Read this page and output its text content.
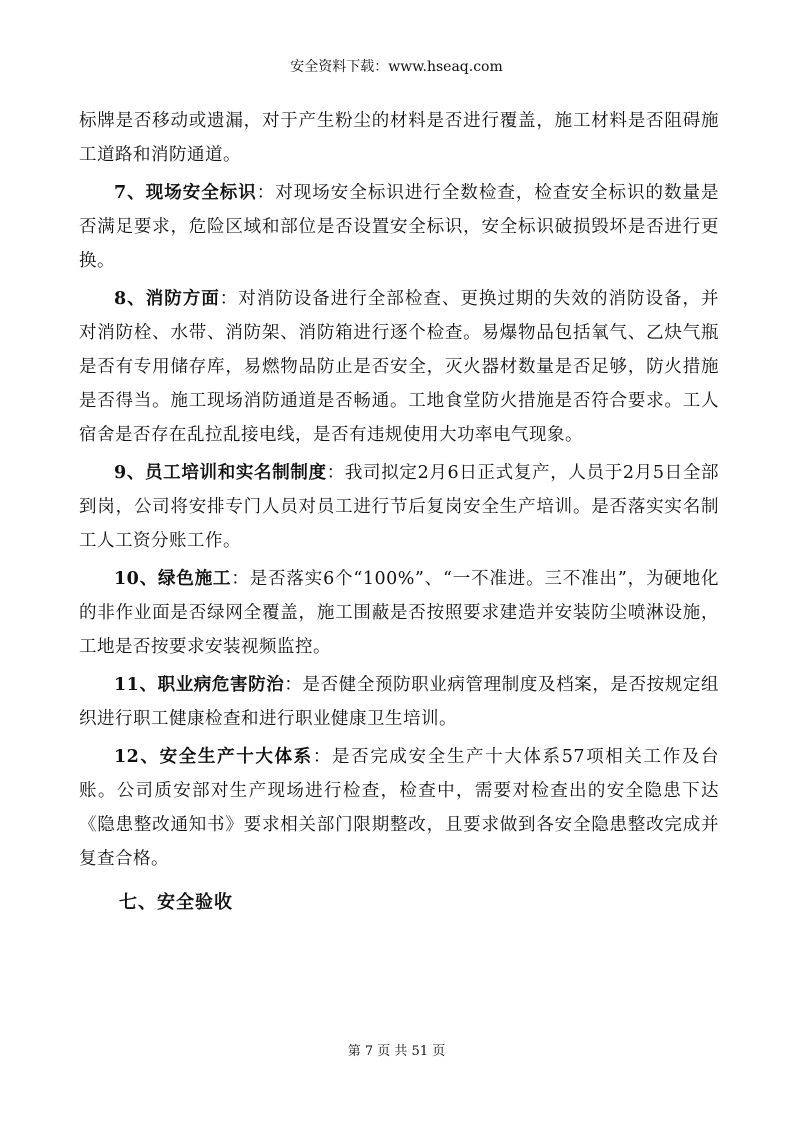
安全资料下载：www.hseaq.com

标牌是否移动或遗漏，对于产生粉尘的材料是否进行覆盖，施工材料是否阻碍施工道路和消防通道。

7、现场安全标识：对现场安全标识进行全数检查，检查安全标识的数量是否满足要求，危险区域和部位是否设置安全标识，安全标识破损毁坏是否进行更换。

8、消防方面：对消防设备进行全部检查、更换过期的失效的消防设备，并对消防栓、水带、消防架、消防箱进行逐个检查。易爆物品包括氧气、乙炔气瓶是否有专用储存库，易燃物品防止是否安全，灭火器材数量是否足够，防火措施是否得当。施工现场消防通道是否畅通。工地食堂防火措施是否符合要求。工人宿舍是否存在乱拉乱接电线，是否有违规使用大功率电气现象。

9、员工培训和实名制制度：我司拟定2月6日正式复产，人员于2月5日全部到岗，公司将安排专门人员对员工进行节后复岗安全生产培训。是否落实实名制工人工资分账工作。

10、绿色施工：是否落实6个“100%”、“一不准进。三不准出”，为硬地化的非作业面是否绿网全覆盖，施工围蔽是否按照要求建造并安装防尘喷淋设施，工地是否按要求安装视频监控。

11、职业病危害防治：是否健全预防职业病管理制度及档案，是否按规定组织进行职工健康检查和进行职业健康卫生培训。

12、安全生产十大体系：是否完成安全生产十大体系57项相关工作及台账。公司质安部对生产现场进行检查，检查中，需要对检查出的安全隐患下达《隐患整改通知书》要求相关部门限期整改，且要求做到各安全隐患整改完成并复查合格。

七、安全验收

第 7 页 共 51 页
